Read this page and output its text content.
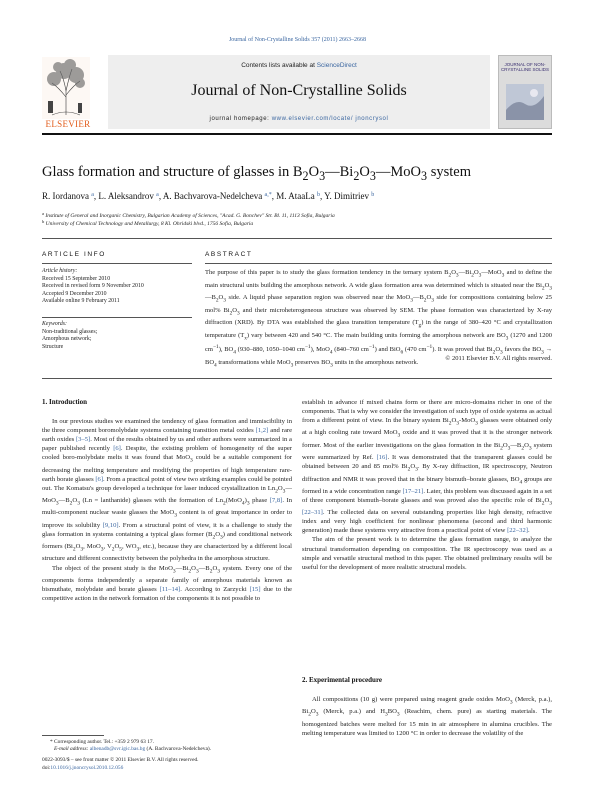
Journal of Non-Crystalline Solids 357 (2011) 2663–2668
ELSEVIER
Contents lists available at ScienceDirect
Journal of Non-Crystalline Solids
journal homepage: www.elsevier.com/locate/ jnoncrysol
JOURNAL OF NON-CRYSTALLINE SOLIDS
Glass formation and structure of glasses in $B_2O_3—Bi_2O_3—MoO_3$ system
R. Iordanova $^a$, L. Aleksandrov $^a$, A. Bachvarova-Nedelcheva $^{a,*}$, M. AtaaLa $^b$, Y. Dimitriev $^b$
$^a$ Institute of General and Inorganic Chemistry, Bulgarian Academy of Sciences, "Acad. G. Bonchev" Str. Bl. 11, 1113 Sofia, Bulgaria
$^b$ University of Chemical Technology and Metallurgy, 8 Kl. Ohridski blvd., 1756 Sofia, Bulgaria
ARTICLE INFO
Article history:
Received 15 September 2010
Received in revised form 9 November 2010
Accepted 9 December 2010
Available online 9 February 2011
Keywords:
Non-traditional glasses;
Amorphous network;
Structure
ABSTRACT
The purpose of this paper is to study the glass formation tendency in the ternary system $B_2O_3—Bi_2O_3—MoO_3$ and to define the main structural units building the amorphous network. A wide glass formation area was determined which is situated near the $Bi_2O_3—B_2O_3$ side. A liquid phase separation region was observed near the $MoO_3—B_2O_3$ side for compositions containing below 25 mol% $Bi_2O_3$ and their microheterogeneous structure was observed by SEM. The phase formation was characterized by X-ray diffraction (XRD). By DTA was established the glass transition temperature $(T_g)$ in the range of 380–420 °C and crystallization temperature $(T_x)$ vary between 420 and 540 °C. The main building units forming the amorphous network are $BO_3$ (1270 and 1200 $cm^{-1}$), $BO_4$ (930–880, 1050–1040 $cm^{-1}$), MoO$_4$ (840–760 $cm^{-1}$) and BiO$_6$ (470 $cm^{-1}$). It was proved that $Bi_2O_3$ favors the $BO_3 \to BO_4$ transformations while MoO$_3$ preserves $BO_3$ units in the amorphous network.
© 2011 Elsevier B.V. All rights reserved.
1. Introduction

In our previous studies we examined the tendency of glass formation and immiscibility in the three component boromolybdate systems containing transition metal oxides [1,2] and rare earth oxides [3–5]. Most of the results obtained by us and other authors were summarized in a paper published recently [6]. Despite, the existing problem of homogeneity of the super cooled boro-molybdate melts it was found that MoO$_3$ could be a suitable component for decreasing the melting temperature and modifying the properties of high temperature rare-earth borate glasses [6]. From a practical point of view two striking examples could be pointed out. The Komatsu's group developed a technique for laser induced crystallization in $Ln_2O_3—MoO_3—B_2O_3$ (Ln = lanthanide) glasses with the formation of $Ln_2(MoO_4)_3$ phase [7,8]. In multi-component nuclear waste glasses the MoO$_3$ content is of great importance in order to improve its solubility [9,10]. From a structural point of view, it is a challenge to study the glass formation in systems containing a typical glass former $(B_2O_3)$ and conditional network formers ($Bi_2O_3$, MoO$_3$, $V_2O_5$, $WO_3$, etc.), because they are characterized by a different local structure and different connectivity between the polyhedra in the amorphous structure.

The object of the present study is the $MoO_3—Bi_2O_3—B_2O_3$ system. Every one of the components forms independently a separate family of amorphous materials known as bismuthate, molybdate and borate glasses [11–14]. According to Zarzycki [15] due to the competitive action in the network formation of the components it is not possible to

establish in advance if mixed chains form or there are micro-domains richer in one of the components. That is why we consider the investigation of such type of oxide systems as actual from a different point of view. In the binary system $Bi_2O_3-MoO_3$ glasses were obtained only at a high cooling rate toward MoO$_3$ oxide and it was proved that it is the stronger network former. Most of the earlier investigations on the glass formation in the $Bi_2O_3—B_2O_3$ system were summarized by Ref. [16]. It was demonstrated that the transparent glasses could be obtained between 20 and 85 mol% $Bi_2O_3$. By X-ray diffraction, IR spectroscopy, Neutron diffraction and NMR it was proved that in the binary bismuth–borate glasses, $BO_4$ groups are formed in a wide concentration range [17–21]. Later, this problem was discussed again in a set of three component bismuth–borate glasses and was proved also the specific role of $Bi_2O_3$ [22–31]. The collected data on several outstanding properties like high density, refractive index and very high coefficient for nonlinear phenomena (second and third harmonic generation) made these systems very attractive from a practical point of view [22–32].

The aim of the present work is to determine the glass formation range, to analyze the structural transformation depending on composition. The IR spectroscopy was used as a simple and versatile structural method in this paper. The obtained preliminary results will be useful for the development of more realistic structural models.

2. Experimental procedure

All compositions (10 g) were prepared using reagent grade oxides MoO$_3$ (Merck, p.a.), $Bi_2O_3$ (Merck, p.a.) and $H_3BO_3$ (Reachim, chem. pure) as starting materials. The homogenized batches were melted for 15 min in air atmosphere in alumina crucibles. The melting temperature was limited to 1200 °C in order to decrease the volatility of the

* Corresponding author. Tel.: +359 2 979 63 17.
E-mail address: albenadb@svr.igic.bas.bg (A. Bachvarova-Nedelcheva).
0022-3093/$ – see front matter © 2011 Elsevier B.V. All rights reserved.
doi:10.1016/j.jnoncrysol.2010.12.056
